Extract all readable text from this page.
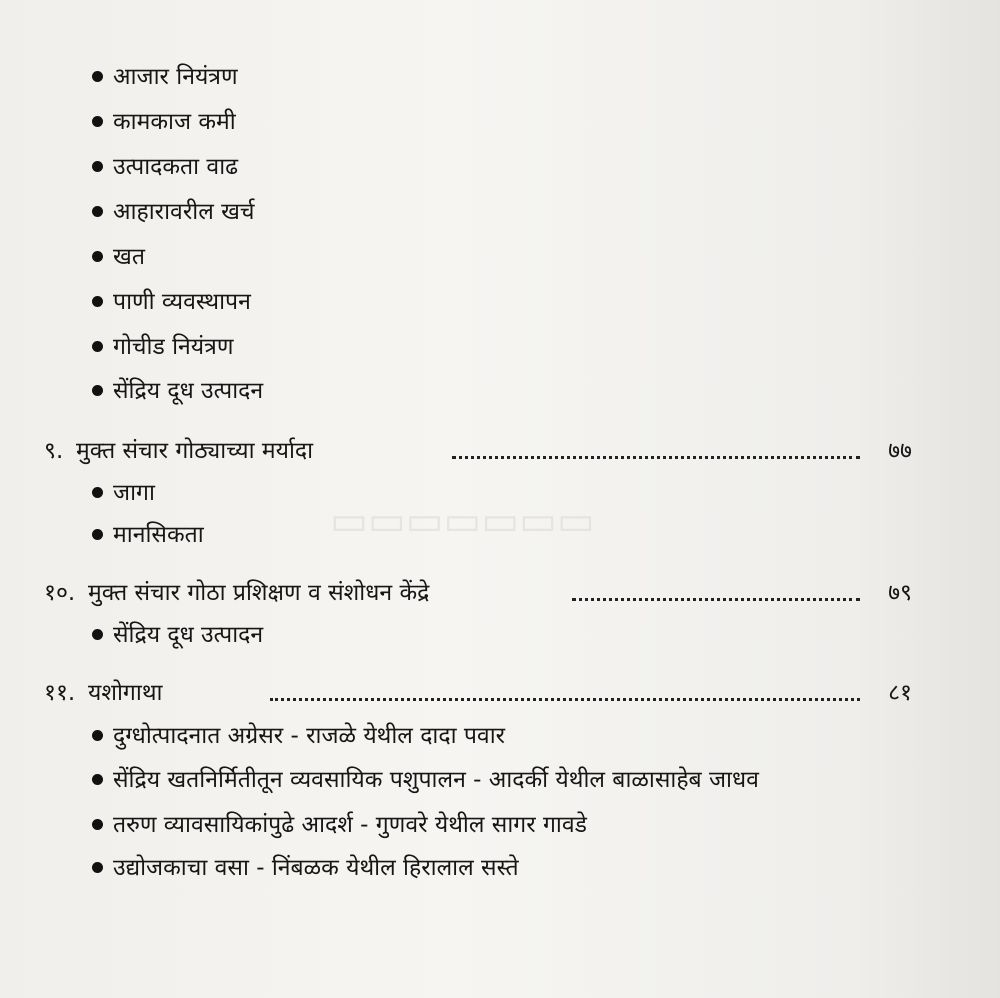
▭▭▭▭▭▭▭
आजार नियंत्रण
कामकाज कमी
उत्पादकता वाढ
आहारावरील खर्च
खत
पाणी व्यवस्थापन
गोचीड नियंत्रण
सेंद्रिय दूध उत्पादन
९. मुक्त संचार गोठ्याच्या मर्यादा	७७
जागा
मानसिकता
१०. मुक्त संचार गोठा प्रशिक्षण व संशोधन केंद्रे	७९
सेंद्रिय दूध उत्पादन
११. यशोगाथा	८१
दुग्धोत्पादनात अग्रेसर - राजळे येथील दादा पवार
सेंद्रिय खतनिर्मितीतून व्यवसायिक पशुपालन - आदर्की येथील बाळासाहेब जाधव
तरुण व्यावसायिकांपुढे आदर्श - गुणवरे येथील सागर गावडे
उद्योजकाचा वसा - निंबळक येथील हिरालाल सस्ते
